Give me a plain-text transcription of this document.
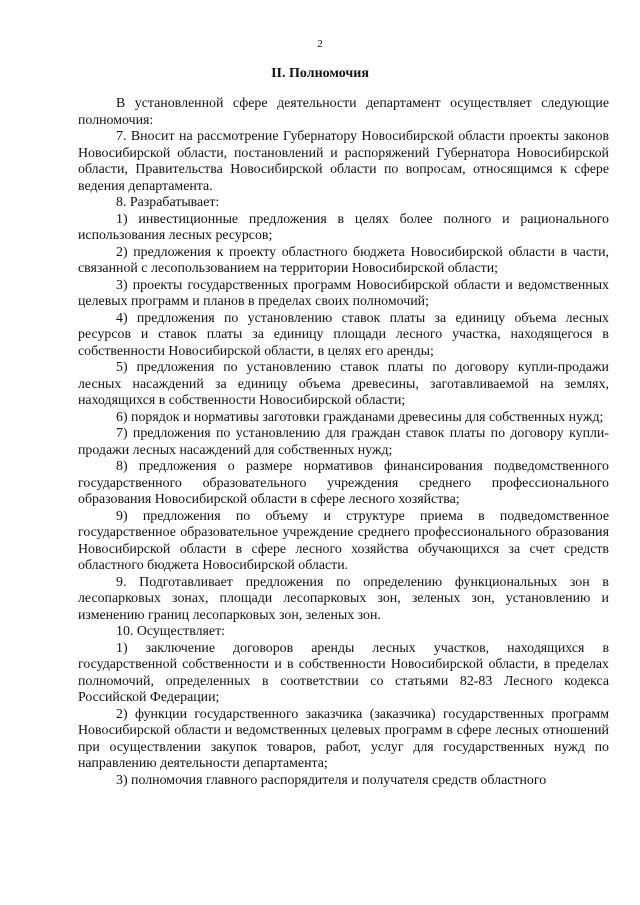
2
II. Полномочия

В установленной сфере деятельности департамент осуществляет следующие полномочия:

7. Вносит на рассмотрение Губернатору Новосибирской области проекты законов Новосибирской области, постановлений и распоряжений Губернатора Новосибирской области, Правительства Новосибирской области по вопросам, относящимся к сфере ведения департамента.

8. Разрабатывает:

1) инвестиционные предложения в целях более полного и рационального использования лесных ресурсов;

2) предложения к проекту областного бюджета Новосибирской области в части, связанной с лесопользованием на территории Новосибирской области;

3) проекты государственных программ Новосибирской области и ведомственных целевых программ и планов в пределах своих полномочий;

4) предложения по установлению ставок платы за единицу объема лесных ресурсов и ставок платы за единицу площади лесного участка, находящегося в собственности Новосибирской области, в целях его аренды;

5) предложения по установлению ставок платы по договору купли-продажи лесных насаждений за единицу объема древесины, заготавливаемой на землях, находящихся в собственности Новосибирской области;

6) порядок и нормативы заготовки гражданами древесины для собственных нужд;

7) предложения по установлению для граждан ставок платы по договору купли-продажи лесных насаждений для собственных нужд;

8) предложения о размере нормативов финансирования подведомственного государственного образовательного учреждения среднего профессионального образования Новосибирской области в сфере лесного хозяйства;

9) предложения по объему и структуре приема в подведомственное государственное образовательное учреждение среднего профессионального образования Новосибирской области в сфере лесного хозяйства обучающихся за счет средств областного бюджета Новосибирской области.

9. Подготавливает предложения по определению функциональных зон в лесопарковых зонах, площади лесопарковых зон, зеленых зон, установлению и изменению границ лесопарковых зон, зеленых зон.

10. Осуществляет:

1) заключение договоров аренды лесных участков, находящихся в государственной собственности и в собственности Новосибирской области, в пределах полномочий, определенных в соответствии со статьями 82-83 Лесного кодекса Российской Федерации;

2) функции государственного заказчика (заказчика) государственных программ Новосибирской области и ведомственных целевых программ в сфере лесных отношений при осуществлении закупок товаров, работ, услуг для государственных нужд по направлению деятельности департамента;

3) полномочия главного распорядителя и получателя средств областного
